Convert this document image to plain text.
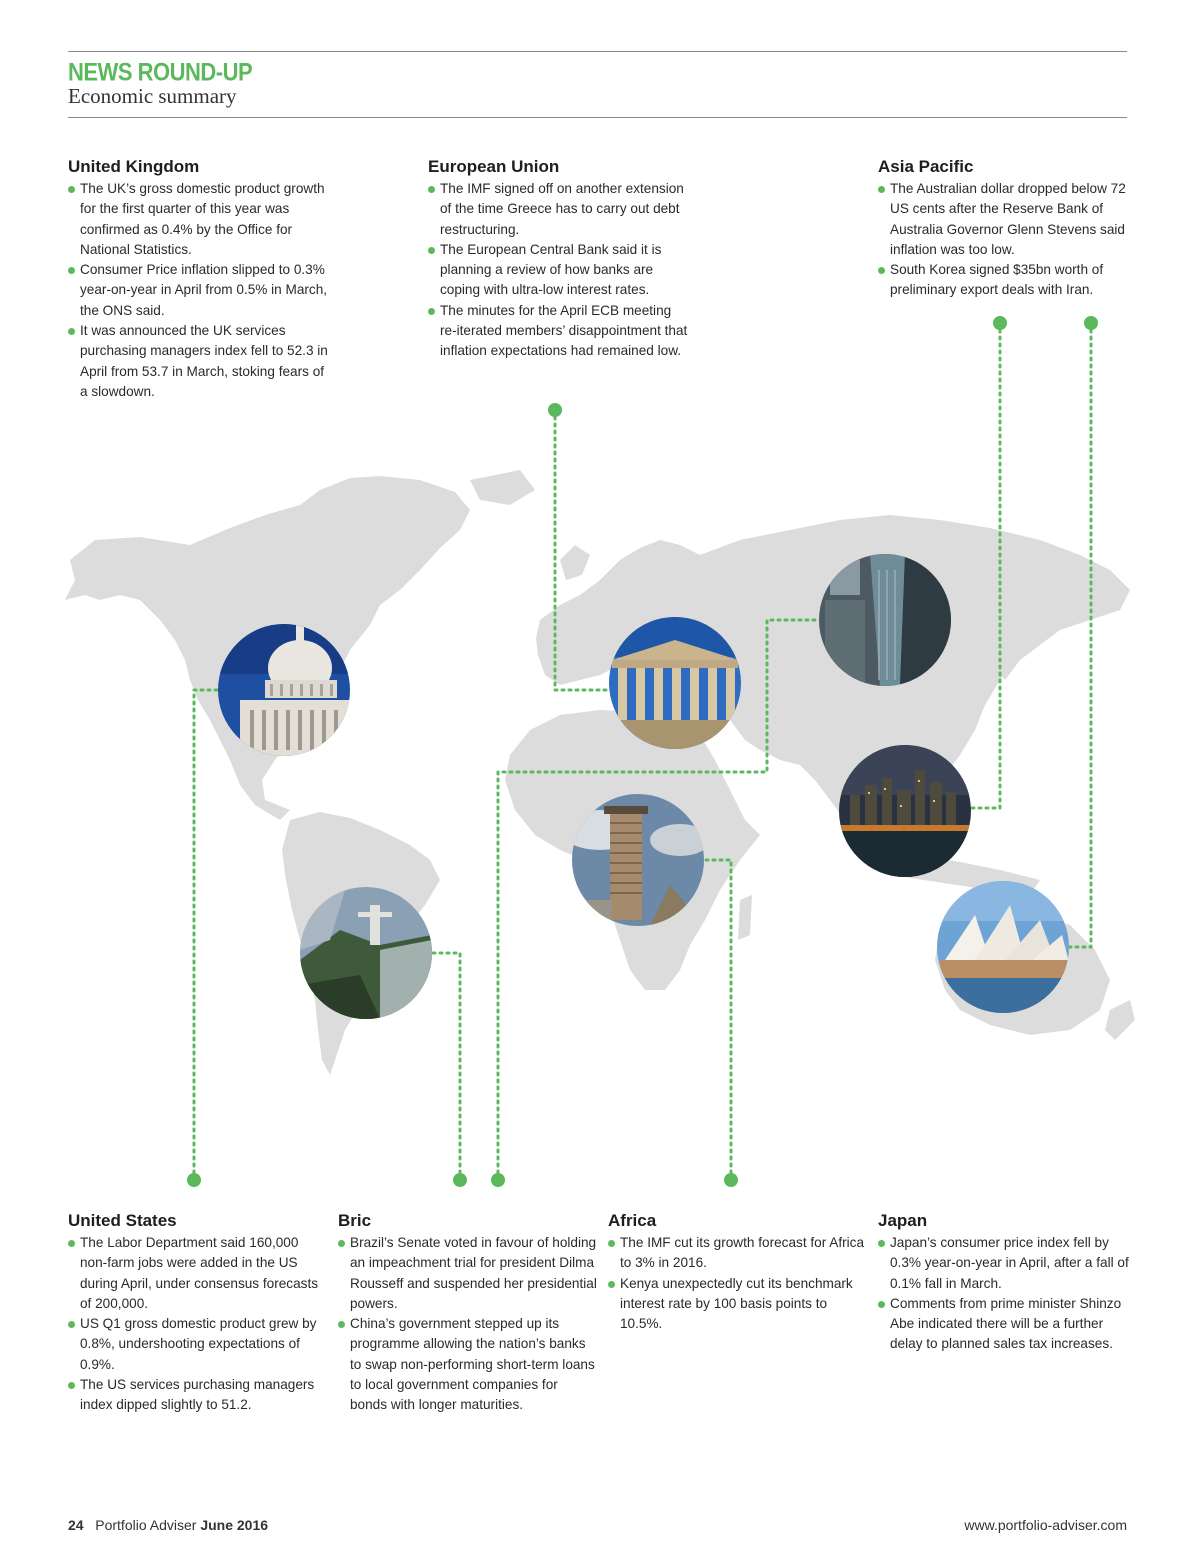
NEWS ROUND-UP
Economic summary
United Kingdom
The UK’s gross domestic product growth for the first quarter of this year was confirmed as 0.4% by the Office for National Statistics.
Consumer Price inflation slipped to 0.3% year-on-year in April from 0.5% in March, the ONS said.
It was announced the UK services purchasing managers index fell to 52.3 in April from 53.7 in March, stoking fears of a slowdown.
European Union
The IMF signed off on another extension of the time Greece has to carry out debt restructuring.
The European Central Bank said it is planning a review of how banks are coping with ultra-low interest rates.
The minutes for the April ECB meeting re-iterated members’ disappointment that inflation expectations had remained low.
Asia Pacific
The Australian dollar dropped below 72 US cents after the Reserve Bank of Australia Governor Glenn Stevens said inflation was too low.
South Korea signed $35bn worth of preliminary export deals with Iran.
United States
The Labor Department said 160,000 non-farm jobs were added in the US during April, under consensus forecasts of 200,000.
US Q1 gross domestic product grew by 0.8%, undershooting expectations of 0.9%.
The US services purchasing managers index dipped slightly to 51.2.
Bric
Brazil’s Senate voted in favour of holding an impeachment trial for president Dilma Rousseff and suspended her presidential powers.
China’s government stepped up its programme allowing the nation’s banks to swap non-performing short-term loans to local government companies for bonds with longer maturities.
Africa
The IMF cut its growth forecast for Africa to 3% in 2016.
Kenya unexpectedly cut its benchmark interest rate by 100 basis points to 10.5%.
Japan
Japan’s consumer price index fell by 0.3% year-on-year in April, after a fall of 0.1% fall in March.
Comments from prime minister Shinzo Abe indicated there will be a further delay to planned sales tax increases.
24 Portfolio Adviser June 2016	www.portfolio-adviser.com
